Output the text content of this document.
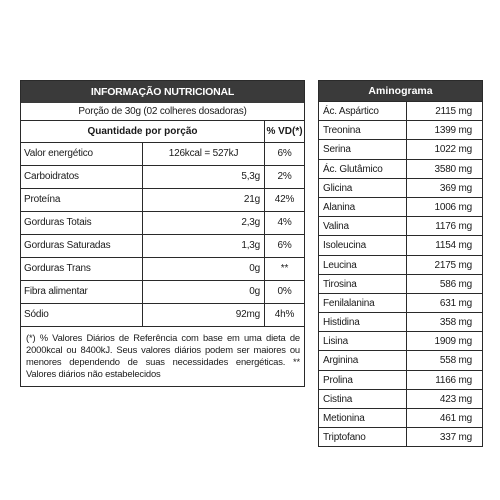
INFORMAÇÃO NUTRICIONAL
Porção de 30g (02 colheres dosadoras)
Quantidade por porção	% VD(*)
Valor energético	126kcal = 527kJ	6%
Carboidratos	5,3g	2%
Proteína	21g	42%
Gorduras Totais	2,3g	4%
Gorduras Saturadas	1,3g	6%
Gorduras Trans	0g	**
Fibra alimentar	0g	0%
Sódio	92mg	4h%
(*) % Valores Diários de Referência com base em uma dieta de 2000kcal ou 8400kJ. Seus valores diários podem ser maiores ou menores dependendo de suas necessidades energéticas. ** Valores diários não estabelecidos
Aminograma
Ác. Aspártico	2115 mg
Treonina	1399 mg
Serina	1022 mg
Ác. Glutâmico	3580 mg
Glicina	369 mg
Alanina	1006 mg
Valina	1176 mg
Isoleucina	1154 mg
Leucina	2175 mg
Tirosina	586 mg
Fenilalanina	631 mg
Histidina	358 mg
Lisina	1909 mg
Arginina	558 mg
Prolina	1166 mg
Cistina	423 mg
Metionina	461 mg
Triptofano	337 mg
